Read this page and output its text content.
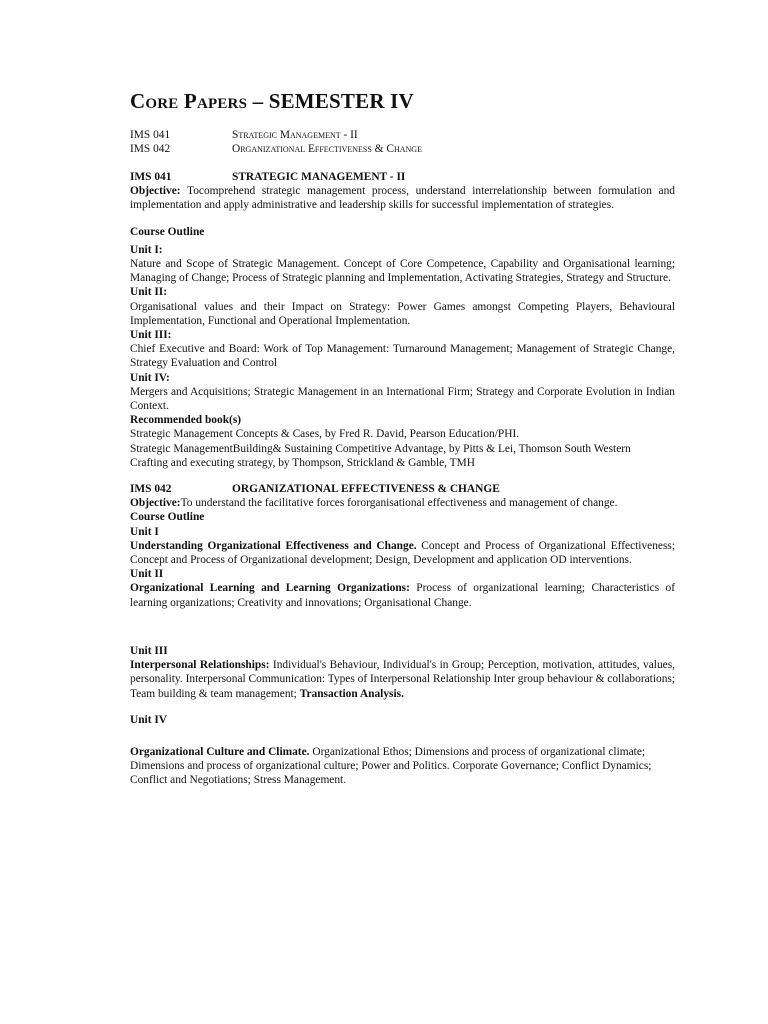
Core Papers – SEMESTER IV
IMS 041	Strategic Management - II
IMS 042	Organizational Effectiveness & Change
IMS 041	STRATEGIC MANAGEMENT - II
Objective: Tocomprehend strategic management process, understand interrelationship between formulation and implementation and apply administrative and leadership skills for successful implementation of strategies.
Course Outline
Unit I:
Nature and Scope of Strategic Management. Concept of Core Competence, Capability and Organisational learning; Managing of Change; Process of Strategic planning and Implementation, Activating Strategies, Strategy and Structure.
Unit II:
Organisational values and their Impact on Strategy: Power Games amongst Competing Players, Behavioural Implementation, Functional and Operational Implementation.
Unit III:
Chief Executive and Board: Work of Top Management: Turnaround Management; Management of Strategic Change, Strategy Evaluation and Control
Unit IV:
Mergers and Acquisitions; Strategic Management in an International Firm; Strategy and Corporate Evolution in Indian Context.
Recommended book(s)
Strategic Management Concepts & Cases, by Fred R. David, Pearson Education/PHI.
Strategic ManagementBuilding& Sustaining Competitive Advantage, by Pitts & Lei, Thomson South Western
Crafting and executing strategy, by Thompson, Strickland & Gamble, TMH
IMS 042	ORGANIZATIONAL EFFECTIVENESS & CHANGE
Objective:To understand the facilitative forces fororganisational effectiveness and management of change.
Course Outline
Unit I
Understanding Organizational Effectiveness and Change. Concept and Process of Organizational Effectiveness; Concept and Process of Organizational development; Design, Development and application OD interventions.
Unit II
Organizational Learning and Learning Organizations: Process of organizational learning; Characteristics of learning organizations; Creativity and innovations; Organisational Change.
Unit III
Interpersonal Relationships: Individual's Behaviour, Individual's in Group; Perception, motivation, attitudes, values, personality. Interpersonal Communication: Types of Interpersonal Relationship Inter group behaviour & collaborations; Team building & team management; Transaction Analysis.
Unit IV
Organizational Culture and Climate. Organizational Ethos; Dimensions and process of organizational climate; Dimensions and process of organizational culture; Power and Politics. Corporate Governance; Conflict Dynamics; Conflict and Negotiations; Stress Management.
